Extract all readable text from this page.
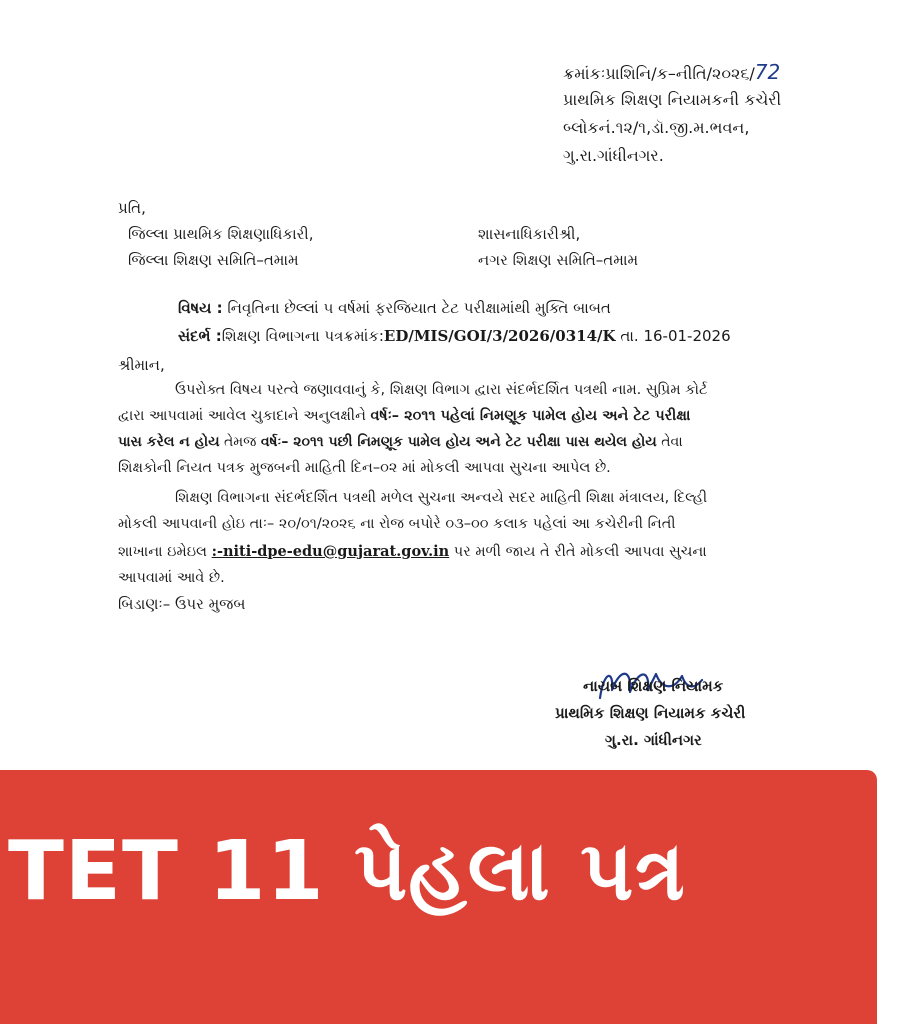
ક્રમાંકઃપ્રાશિનિ/ક–નીતિ/૨૦૨૬/72
પ્રાથમિક શિક્ષણ નિયામકની કચેરી
બ્લોકનં.૧૨/૧,ડૉ.જી.મ.ભવન,
ગુ.રા.ગાંધીનગર.
પ્રતિ,
જિલ્લા પ્રાથમિક શિક્ષણાધિકારી,
જિલ્લા શિક્ષણ સમિતિ–તમામ
શાસનાધિકારીશ્રી,
નગર શિક્ષણ સમિતિ–તમામ
વિષય : નિવૃતિના છેલ્લાં ૫ વર્ષમાં ફરજિયાત ટેટ પરીક્ષામાંથી મુક્તિ બાબત
સંદર્ભ :શિક્ષણ વિભાગના પત્રક્રમાંક:ED/MIS/GOI/3/2026/0314/K તા. 16-01-2026
શ્રીમાન,
ઉપરોક્ત વિષય પરત્વે જણાવવાનું કે, શિક્ષણ વિભાગ દ્વારા સંદર્ભદર્શિત પત્રથી નામ. સુપ્રિમ કોર્ટ
દ્વારા આપવામાં આવેલ ચુકાદાને અનુલક્ષીને વર્ષઃ– ૨૦૧૧ પહેલાં નિમણૂક પામેલ હોય અને ટેટ પરીક્ષા
પાસ કરેલ ન હોય તેમજ વર્ષઃ– ૨૦૧૧ પછી નિમણૂક પામેલ હોય અને ટેટ પરીક્ષા પાસ થયેલ હોય તેવા
શિક્ષકોની નિયત પત્રક મુજબની માહિતી દિન–૦૨ માં મોકલી આપવા સુચના આપેલ છે.
શિક્ષણ વિભાગના સંદર્ભદર્શિત પત્રથી મળેલ સુચના અન્વયે સદર માહિતી શિક્ષા મંત્રાલય, દિલ્હી
મોકલી આપવાની હોઇ તાઃ– ૨૦/૦૧/૨૦૨૬ ના રોજ બપોરે ૦૩–૦૦ કલાક પહેલાં આ કચેરીની નિતી
શાખાના ઇમેઇલ :-niti-dpe-edu@gujarat.gov.in પર મળી જાય તે રીતે મોકલી આપવા સુચના
આપવામાં આવે છે.
બિડાણઃ– ઉપર મુજબ
નાયબ શિક્ષણ નિયામક
પ્રાથમિક શિક્ષણ નિયામક કચેરી
ગુ.રા. ગાંધીનગર
TET 11 પેહલા પત્ર
